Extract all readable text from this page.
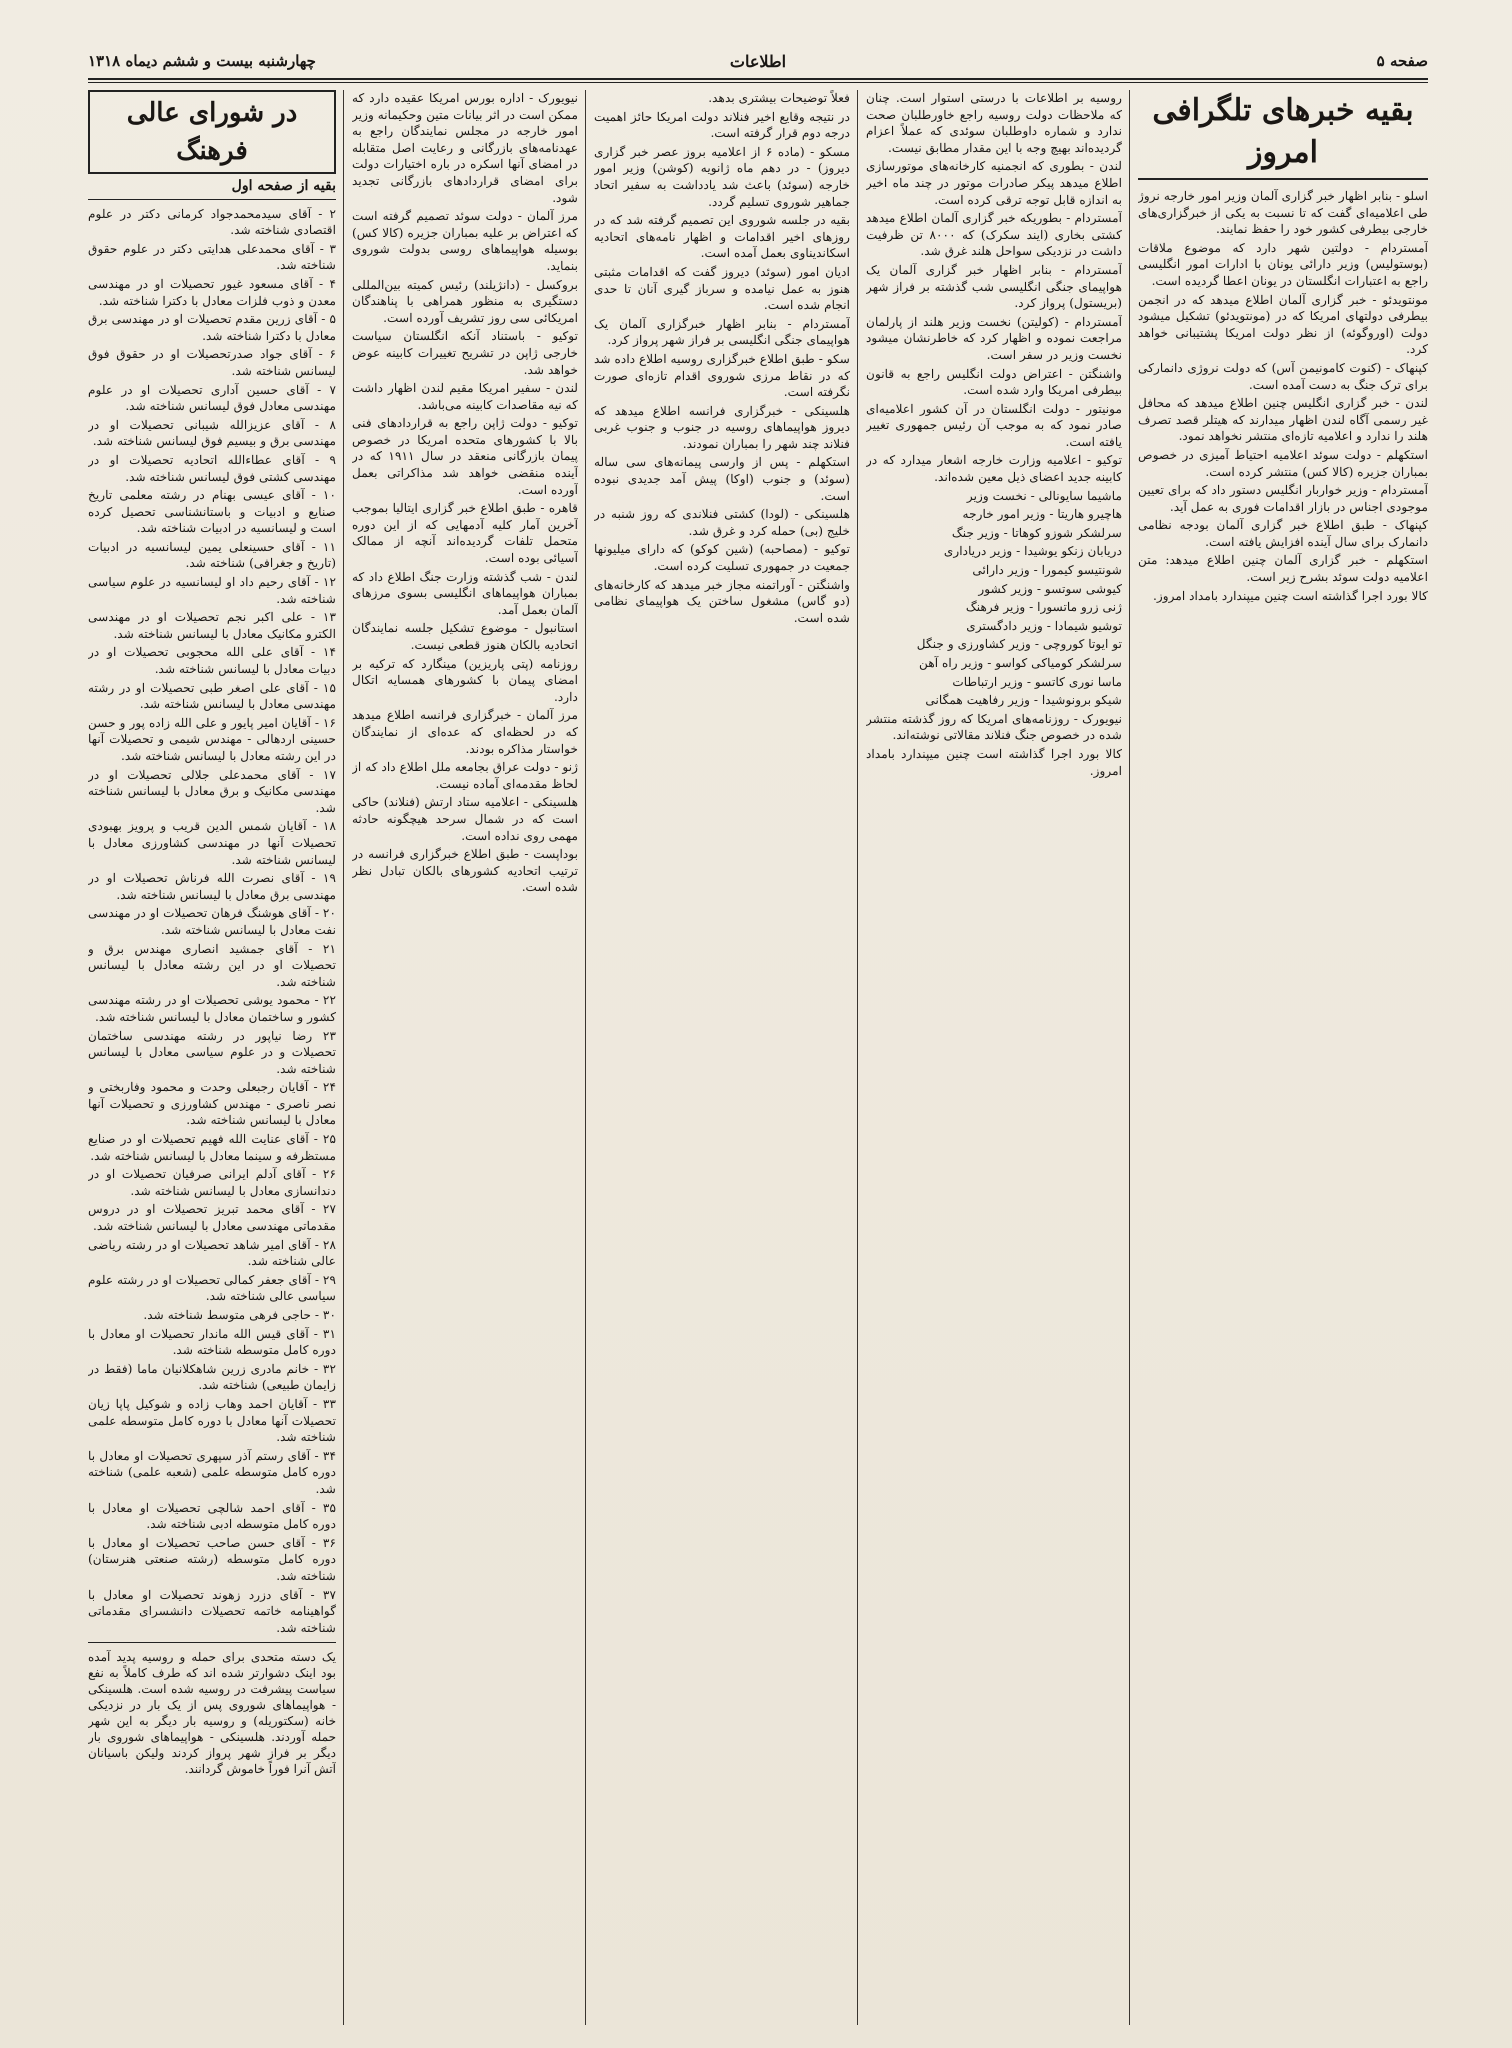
صفحه ۵
اطلاعات
چهارشنبه بیست و ششم دیماه ۱۳۱۸
بقیه خبرهای تلگرافی امروز

اسلو - بنابر اظهار خبر گزاری آلمان وزیر امور خارجه نروژ طی اعلامیه‌ای گفت که تا نسبت به یکی از خبرگزاری‌های خارجی بیطرفی کشور خود را حفظ نمایند.

آمستردام - دولتین شهر دارد که موضوع ملاقات (بوستولیس) وزیر دارائی یونان با ادارات امور انگلیسی راجع به اعتبارات انگلستان در یونان اعطا گردیده است.

مونتویدئو - خبر گزاری آلمان اطلاع میدهد که در انجمن بیطرفی دولتهای امریکا که در (مونتویدئو) تشکیل میشود دولت (اوروگوئه) از نظر دولت امریکا پشتیبانی خواهد کرد.

کپنهاک - (کنوت کامونیمن آس) که دولت نروژی دانمارکی برای ترک جنگ به دست آمده است.

لندن - خبر گزاری انگلیس چنین اطلاع میدهد که محافل غیر رسمی آگاه لندن اظهار میدارند که هیتلر قصد تصرف هلند را ندارد و اعلامیه تازه‌ای منتشر نخواهد نمود.

استکهلم - دولت سوئد اعلامیه احتیاط آمیزی در خصوص بمباران جزیره (کالا کس) منتشر کرده است.

آمستردام - وزیر خواربار انگلیس دستور داد که برای تعیین موجودی اجناس در بازار اقدامات فوری به عمل آید.

کپنهاک - طبق اطلاع خبر گزاری آلمان بودجه نظامی دانمارک برای سال آینده افزایش یافته است.

استکهلم - خبر گزاری آلمان چنین اطلاع میدهد: متن اعلامیه دولت سوئد بشرح زیر است.

کالا بورد اجرا گذاشته است چنین میپندارد بامداد امروز.

روسیه بر اطلاعات با درستی استوار است. چنان که ملاحظات دولت روسیه راجع خاورطلبان صحت ندارد و شماره داوطلبان سوئدی که عملاً اعزام گردیده‌اند بهیچ وجه با این مقدار مطابق نیست.

لندن - بطوری که انجمنیه کارخانه‌های موتورسازی اطلاع میدهد پیکر صادرات موتور در چند ماه اخیر به اندازه قابل توجه ترقی کرده است.

آمستردام - بطوریکه خبر گزاری آلمان اطلاع میدهد کشتی بخاری (ایند سکرک) که ۸۰۰۰ تن ظرفیت داشت در نزدیکی سواحل هلند غرق شد.

آمستردام - بنابر اظهار خبر گزاری آلمان یک هواپیمای جنگی انگلیسی شب گذشته بر فراز شهر (بریستول) پرواز کرد.

آمستردام - (کولیتن) نخست وزیر هلند از پارلمان مراجعت نموده و اظهار کرد که خاطرنشان میشود نخست وزیر در سفر است.

واشنگتن - اعتراض دولت انگلیس راجع به قانون بیطرفی امریکا وارد شده است.

مونیتور - دولت انگلستان در آن کشور اعلامیه‌ای صادر نمود که به موجب آن رئیس جمهوری تغییر یافته است.

توکیو - اعلامیه وزارت خارجه اشعار میدارد که در کابینه جدید اعضای ذیل معین شده‌اند.

ماشیما سایونالی - نخست وزیر

هاچیرو هاریتا - وزیر امور خارجه

سرلشکر شوزو کوهاتا - وزیر جنگ

دریابان زنکو یوشیدا - وزیر دریاداری

شونتیسو کیمورا - وزیر دارائی

کیوشی سوتسو - وزیر کشور

ژنی زرو ماتسورا - وزیر فرهنگ

توشیو شیمادا - وزیر دادگستری

تو ایوتا کوروچی - وزیر کشاورزی و جنگل

سرلشکر کومیاکی کواسو - وزیر راه آهن

ماسا نوری کاتسو - وزیر ارتباطات

شیکو برونوشیدا - وزیر رفاهیت همگانی

نیویورک - روزنامه‌های امریکا که روز گذشته منتشر شده در خصوص جنگ فنلاند مقالاتی نوشته‌اند.

کالا بورد اجرا گذاشته است چنین میپندارد بامداد امروز.

فعلاً توضیحات بیشتری بدهد.

در نتیجه وقایع اخیر فنلاند دولت امریکا حائز اهمیت درجه دوم قرار گرفته است.

مسکو - (ماده ۶ از اعلامیه بروز عصر خبر گزاری دیروز) - در دهم ماه ژانویه (کوشن) وزیر امور خارجه (سوئد) باعث شد یادداشت به سفیر اتحاد جماهیر شوروی تسلیم گردد.

بقیه در جلسه شوروی این تصمیم گرفته شد که در روزهای اخیر اقدامات و اظهار نامه‌های اتحادیه اسکاندیناوی بعمل آمده است.

ادیان امور (سوئد) دیروز گفت که اقدامات مثبتی هنوز به عمل نیامده و سرباز گیری آنان تا حدی انجام شده است.

آمستردام - بنابر اظهار خبرگزاری آلمان یک هواپیمای جنگی انگلیسی بر فراز شهر پرواز کرد.

سکو - طبق اطلاع خبرگزاری روسیه اطلاع داده شد که در نقاط مرزی شوروی اقدام تازه‌ای صورت نگرفته است.

هلسینکی - خبرگزاری فرانسه اطلاع میدهد که دیروز هواپیماهای روسیه در جنوب و جنوب غربی فنلاند چند شهر را بمباران نمودند.

استکهلم - پس از وارسی پیمانه‌های سی ساله (سوئد) و جنوب (اوکا) پیش آمد جدیدی نبوده است.

هلسینکی - (لودا) کشتی فنلاندی که روز شنبه در خلیج (بی) حمله کرد و غرق شد.

توکیو - (مصاحبه) (شین کوکو) که دارای میلیونها جمعیت در جمهوری تسلیت کرده است.

واشنگتن - آوراتمنه مجاز خبر میدهد که کارخانه‌های (دو گاس) مشغول ساختن یک هواپیمای نظامی شده است.

نیویورک - اداره بورس امریکا عقیده دارد که ممکن است در اثر بیانات متین وحکیمانه وزیر امور خارجه در مجلس نمایندگان راجع به عهدنامه‌های بازرگانی و رعایت اصل متقابله در امضای آنها اسکره در باره اختیارات دولت برای امضای قراردادهای بازرگانی تجدید شود.

مرز آلمان - دولت سوئد تصمیم گرفته است که اعتراض بر علیه بمباران جزیره (کالا کس) بوسیله هواپیماهای روسی بدولت شوروی بنماید.

بروکسل - (دانژیلند) رئیس کمیته بین‌المللی دستگیری به منظور همراهی با پناهندگان امریکائی سی روز تشریف آورده است.

توکیو - باستناد آنکه انگلستان سیاست خارجی ژاپن در تشریح تغییرات کابینه عوض خواهد شد.

لندن - سفیر امریکا مقیم لندن اظهار داشت که نیه مقاصدات کابینه می‌باشد.

توکیو - دولت ژاپن راجع به قراردادهای فنی بالا با کشورهای متحده امریکا در خصوص پیمان بازرگانی منعقد در سال ۱۹۱۱ که در آینده منقضی خواهد شد مذاکراتی بعمل آورده است.

قاهره - طبق اطلاع خبر گزاری ایتالیا بموجب آخرین آمار کلیه آدمهایی که از این دوره متحمل تلفات گردیده‌اند آنچه از ممالک آسیائی بوده است.

لندن - شب گذشته وزارت جنگ اطلاع داد که بمباران هواپیماهای انگلیسی بسوی مرزهای آلمان بعمل آمد.

استانبول - موضوع تشکیل جلسه نمایندگان اتحادیه بالکان هنوز قطعی نیست.

روزنامه (پتی پاریزین) مینگارد که ترکیه بر امضای پیمان با کشورهای همسایه اتکال دارد.

مرز آلمان - خبرگزاری فرانسه اطلاع میدهد که در لحظه‌ای که عده‌ای از نمایندگان خواستار مذاکره بودند.

ژنو - دولت عراق بجامعه ملل اطلاع داد که از لحاظ مقدمه‌ای آماده نیست.

هلسینکی - اعلامیه ستاد ارتش (فنلاند) حاکی است که در شمال سرحد هیچگونه حادثه مهمی روی نداده است.

بوداپست - طبق اطلاع خبرگزاری فرانسه در ترتیب اتحادیه کشورهای بالکان تبادل نظر شده است.

در شورای عالی فرهنگ
بقیه از صفحه اول

۲ - آقای سیدمحمدجواد کرمانی دکتر در علوم اقتصادی شناخته شد.

۳ - آقای محمدعلی هدایتی دکتر در علوم حقوق شناخته شد.

۴ - آقای مسعود غیور تحصیلات او در مهندسی معدن و ذوب فلزات معادل با دکترا شناخته شد.

۵ - آقای زرین مقدم تحصیلات او در مهندسی برق معادل با دکترا شناخته شد.

۶ - آقای جواد صدرتحصیلات او در حقوق فوق لیسانس شناخته شد.

۷ - آقای حسین آداری تحصیلات او در علوم مهندسی معادل فوق لیسانس شناخته شد.

۸ - آقای عزیزالله شیبانی تحصیلات او در مهندسی برق و بیسیم فوق لیسانس شناخته شد.

۹ - آقای عطاءالله اتحادیه تحصیلات او در مهندسی کشتی فوق لیسانس شناخته شد.

۱۰ - آقای عیسی بهنام در رشته معلمی تاریخ صنایع و ادبیات و باستانشناسی تحصیل کرده است و لیسانسیه در ادبیات شناخته شد.

۱۱ - آقای حسینعلی یمین لیسانسیه در ادبیات (تاریخ و جغرافی) شناخته شد.

۱۲ - آقای رحیم داد او لیسانسیه در علوم سیاسی شناخته شد.

۱۳ - علی اکبر نجم تحصیلات او در مهندسی الکترو مکانیک معادل با لیسانس شناخته شد.

۱۴ - آقای علی الله محجوبی تحصیلات او در دبیات معادل با لیسانس شناخته شد.

۱۵ - آقای علی اصغر طبی تحصیلات او در رشته مهندسی معادل با لیسانس شناخته شد.

۱۶ - آقایان امیر پایور و علی الله زاده پور و حسن حسینی اردهالی - مهندس شیمی و تحصیلات آنها در این رشته معادل با لیسانس شناخته شد.

۱۷ - آقای محمدعلی جلالی تحصیلات او در مهندسی مکانیک و برق معادل با لیسانس شناخته شد.

۱۸ - آقایان شمس الدین قریب و پرویز بهبودی تحصیلات آنها در مهندسی کشاورزی معادل با لیسانس شناخته شد.

۱۹ - آقای نصرت الله فرناش تحصیلات او در مهندسی برق معادل با لیسانس شناخته شد.

۲۰ - آقای هوشنگ فرهان تحصیلات او در مهندسی نفت معادل با لیسانس شناخته شد.

۲۱ - آقای جمشید انصاری مهندس برق و تحصیلات او در این رشته معادل با لیسانس شناخته شد.

۲۲ - محمود یوشی تحصیلات او در رشته مهندسی کشور و ساختمان معادل با لیسانس شناخته شد.

۲۳ رضا نیاپور در رشته مهندسی ساختمان تحصیلات و در علوم سیاسی معادل با لیسانس شناخته شد.

۲۴ - آقایان رجبعلی وحدت و محمود وفاربختی و نصر ناصری - مهندس کشاورزی و تحصیلات آنها معادل با لیسانس شناخته شد.

۲۵ - آقای عنایت الله فهیم تحصیلات او در صنایع مستظرفه و سینما معادل با لیسانس شناخته شد.

۲۶ - آقای آدلم ایرانی صرفیان تحصیلات او در دندانسازی معادل با لیسانس شناخته شد.

۲۷ - آقای محمد تبریز تحصیلات او در دروس مقدماتی مهندسی معادل با لیسانس شناخته شد.

۲۸ - آقای امیر شاهد تحصیلات او در رشته ریاضی عالی شناخته شد.

۲۹ - آقای جعفر کمالی تحصیلات او در رشته علوم سیاسی عالی شناخته شد.

۳۰ - حاجی فرهی متوسط شناخته شد.

۳۱ - آقای قیس الله ماندار تحصیلات او معادل با دوره کامل متوسطه شناخته شد.

۳۲ - خانم مادری زرین شاهکلانیان ماما (فقط در زایمان طبیعی) شناخته شد.

۳۳ - آقایان احمد وهاب زاده و شوکیل پاپا زیان تحصیلات آنها معادل با دوره کامل متوسطه علمی شناخته شد.

۳۴ - آقای رستم آذر سپهری تحصیلات او معادل با دوره کامل متوسطه علمی (شعبه علمی) شناخته شد.

۳۵ - آقای احمد شالچی تحصیلات او معادل با دوره کامل متوسطه ادبی شناخته شد.

۳۶ - آقای حسن صاحب تحصیلات او معادل با دوره کامل متوسطه (رشته صنعتی هنرستان) شناخته شد.

۳۷ - آقای دزرد زهوند تحصیلات او معادل با گواهینامه خاتمه تحصیلات دانشسرای مقدماتی شناخته شد.

یک دسته متحدی برای حمله و روسیه پدید آمده بود اینک دشوارتر شده اند که طرف کاملاً به نفع سیاست پیشرفت در روسیه شده است. هلسینکی - هواپیماهای شوروی پس از یک بار در نزدیکی خانه (سکتوریله) و روسیه بار دیگر به این شهر حمله آوردند. هلسینکی - هواپیماهای شوروی بار دیگر بر فراز شهر پرواز کردند ولیکن باسیانان آتش آنرا فوراً خاموش گردانند.
